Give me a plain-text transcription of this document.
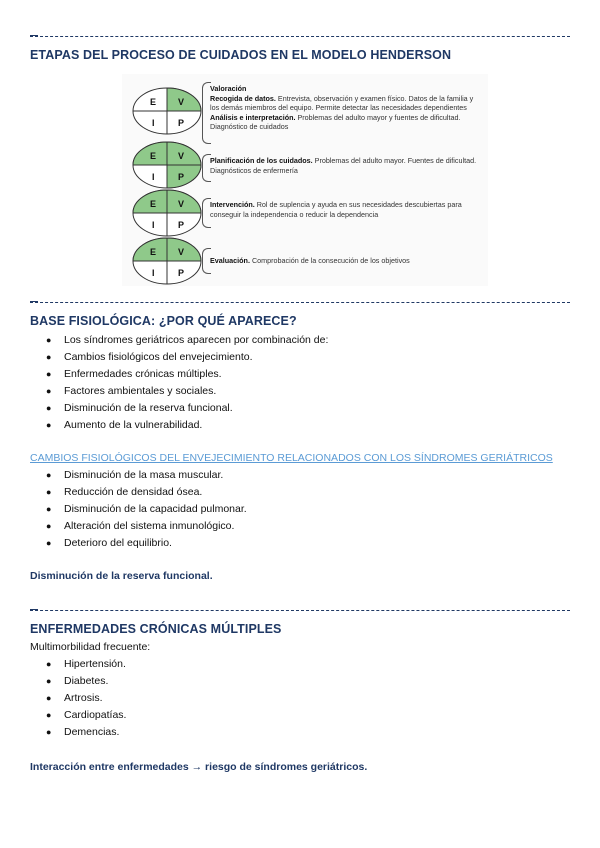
ETAPAS DEL PROCESO DE CUIDADOS EN EL MODELO HENDERSON
E V
I	P
Valoración
Recogida de datos. Entrevista, observación y examen físico. Datos de la familia y los demás miembros del equipo. Permite detectar las necesidades dependientes
Análisis e interpretación. Problemas del adulto mayor y fuentes de dificultad. Diagnóstico de cuidados
E V
I	P
Planificación de los cuidados. Problemas del adulto mayor. Fuentes de dificultad. Diagnósticos de enfermería
E V
I	P
Intervención. Rol de suplencia y ayuda en sus necesidades descubiertas para conseguir la independencia o reducir la dependencia
E V
I	P
Evaluación. Comprobación de la consecución de los objetivos
BASE FISIOLÓGICA: ¿POR QUÉ APARECE?
● Los síndromes geriátricos aparecen por combinación de:
● Cambios fisiológicos del envejecimiento.
● Enfermedades crónicas múltiples.
● Factores ambientales y sociales.
● Disminución de la reserva funcional.
● Aumento de la vulnerabilidad.
CAMBIOS FISIOLÓGICOS DEL ENVEJECIMIENTO RELACIONADOS CON LOS SÍNDROMES GERIÁTRICOS
● Disminución de la masa muscular.
● Reducción de densidad ósea.
● Disminución de la capacidad pulmonar.
● Alteración del sistema inmunológico.
● Deterioro del equilibrio.
Disminución de la reserva funcional.
ENFERMEDADES CRÓNICAS MÚLTIPLES
Multimorbilidad frecuente:
● Hipertensión.
● Diabetes.
● Artrosis.
● Cardiopatías.
● Demencias.
Interacción entre enfermedades → riesgo de síndromes geriátricos.
